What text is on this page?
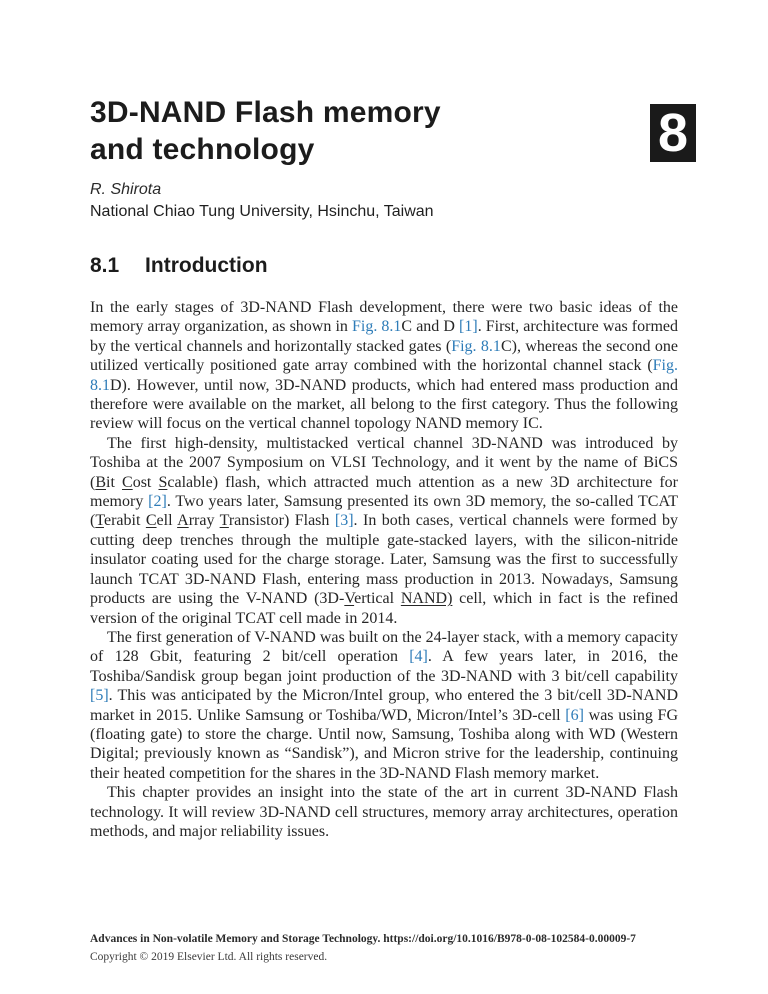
3D-NAND Flash memory
and technology	8

R. Shirota

National Chiao Tung University, Hsinchu, Taiwan

8.1 Introduction

In the early stages of 3D-NAND Flash development, there were two basic ideas of the memory array organization, as shown in Fig. 8.1C and D [1]. First, architecture was formed by the vertical channels and horizontally stacked gates (Fig. 8.1C), whereas the second one utilized vertically positioned gate array combined with the horizontal channel stack (Fig. 8.1D). However, until now, 3D-NAND products, which had entered mass production and therefore were available on the market, all belong to the first category. Thus the following review will focus on the vertical channel topology NAND memory IC.

The first high-density, multistacked vertical channel 3D-NAND was introduced by Toshiba at the 2007 Symposium on VLSI Technology, and it went by the name of BiCS (Bit Cost Scalable) flash, which attracted much attention as a new 3D architecture for memory [2]. Two years later, Samsung presented its own 3D memory, the so-called TCAT (Terabit Cell Array Transistor) Flash [3]. In both cases, vertical channels were formed by cutting deep trenches through the multiple gate-stacked layers, with the silicon-nitride insulator coating used for the charge storage. Later, Samsung was the first to successfully launch TCAT 3D-NAND Flash, entering mass production in 2013. Nowadays, Samsung products are using the V-NAND (3D-Vertical NAND) cell, which in fact is the refined version of the original TCAT cell made in 2014.

The first generation of V-NAND was built on the 24-layer stack, with a memory capacity of 128 Gbit, featuring 2 bit/cell operation [4]. A few years later, in 2016, the Toshiba/Sandisk group began joint production of the 3D-NAND with 3 bit/cell capability [5]. This was anticipated by the Micron/Intel group, who entered the 3 bit/cell 3D-NAND market in 2015. Unlike Samsung or Toshiba/WD, Micron/Intel’s 3D-cell [6] was using FG (floating gate) to store the charge. Until now, Samsung, Toshiba along with WD (Western Digital; previously known as “Sandisk”), and Micron strive for the leadership, continuing their heated competition for the shares in the 3D-NAND Flash memory market.

This chapter provides an insight into the state of the art in current 3D-NAND Flash technology. It will review 3D-NAND cell structures, memory array architectures, operation methods, and major reliability issues.

Advances in Non-volatile Memory and Storage Technology. https://doi.org/10.1016/B978-0-08-102584-0.00009-7

Copyright © 2019 Elsevier Ltd. All rights reserved.
